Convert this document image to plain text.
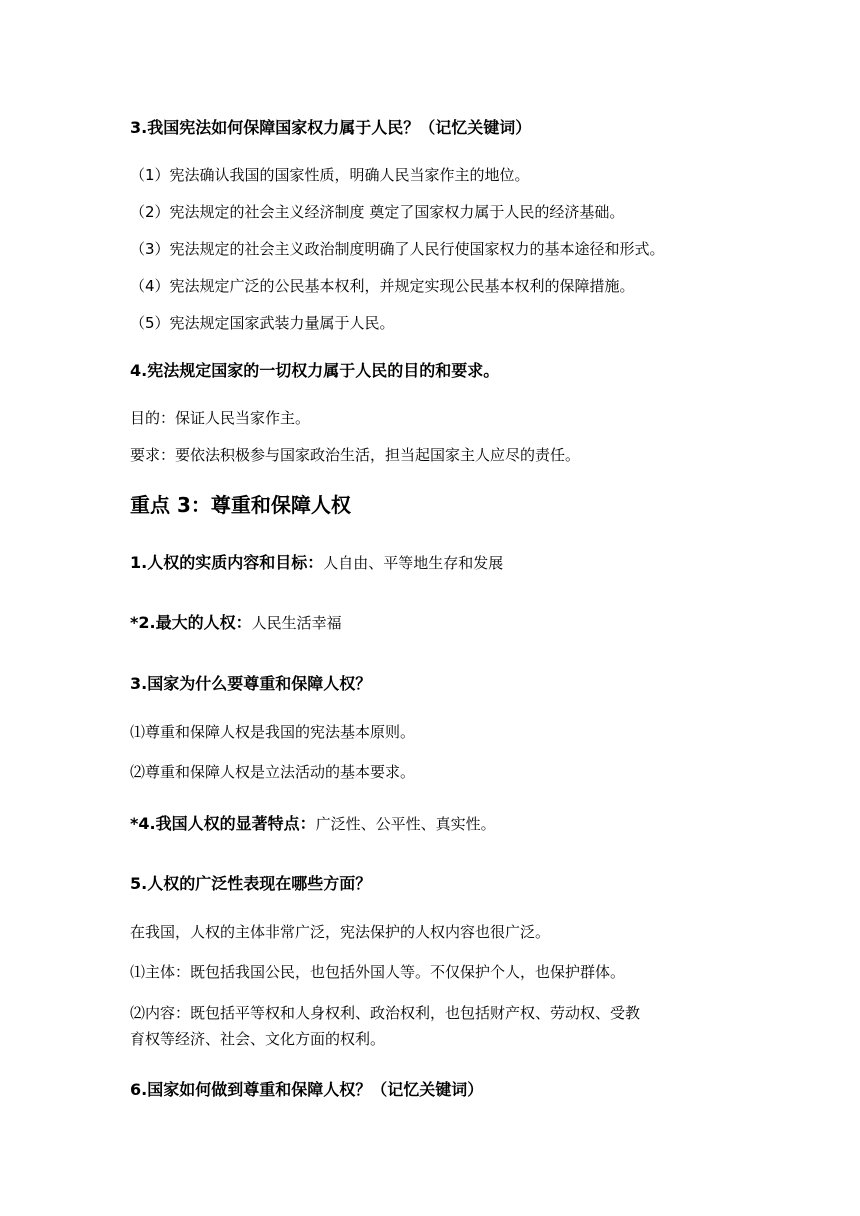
3.我国宪法如何保障国家权力属于人民？（记忆关键词）

（1）宪法确认我国的国家性质，明确人民当家作主的地位。

（2）宪法规定的社会主义经济制度 奠定了国家权力属于人民的经济基础。

（3）宪法规定的社会主义政治制度明确了人民行使国家权力的基本途径和形式。

（4）宪法规定广泛的公民基本权利，并规定实现公民基本权利的保障措施。

（5）宪法规定国家武装力量属于人民。

4.宪法规定国家的一切权力属于人民的目的和要求。

目的：保证人民当家作主。

要求：要依法积极参与国家政治生活，担当起国家主人应尽的责任。

重点 3：尊重和保障人权

1.人权的实质内容和目标：人自由、平等地生存和发展

*2.最大的人权：人民生活幸福

3.国家为什么要尊重和保障人权？

⑴尊重和保障人权是我国的宪法基本原则。

⑵尊重和保障人权是立法活动的基本要求。

*4.我国人权的显著特点：广泛性、公平性、真实性。

5.人权的广泛性表现在哪些方面？

在我国，人权的主体非常广泛，宪法保护的人权内容也很广泛。

⑴主体：既包括我国公民，也包括外国人等。不仅保护个人，也保护群体。

⑵内容：既包括平等权和人身权利、政治权利，也包括财产权、劳动权、受教

育权等经济、社会、文化方面的权利。

6.国家如何做到尊重和保障人权？（记忆关键词）
